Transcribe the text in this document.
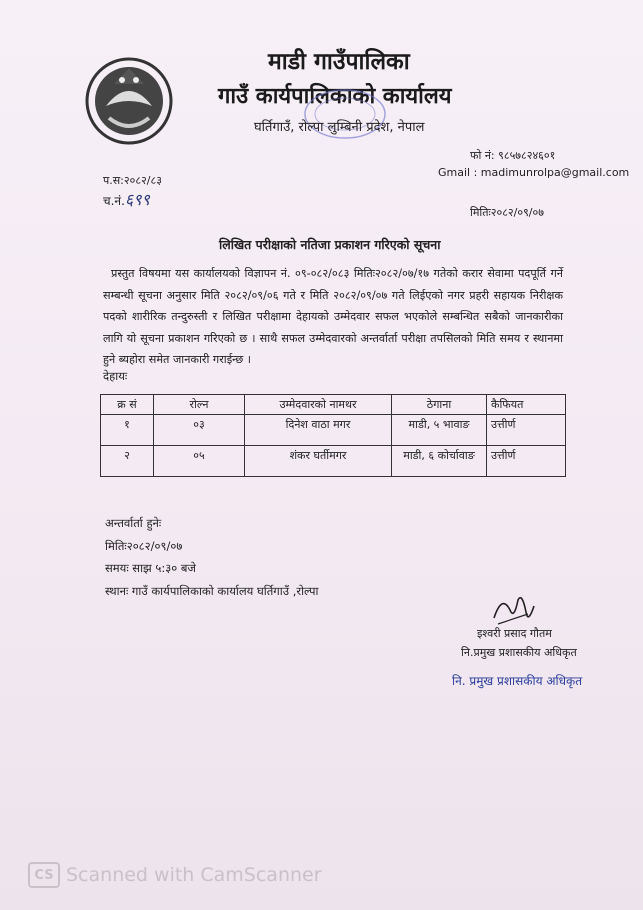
माडी गाउँपालिका
गाउँ कार्यपालिकाको कार्यालय
घर्तिगाउँ, रोल्पा लुम्बिनी प्रदेश, नेपाल
फो नं: ९८५७८२४६०१
Gmail : madimunrolpa@gmail.com
प.स:२०८२/८३
च.नं.६९९
मितिः२०८२/०९/०७
लिखित परीक्षाको नतिजा प्रकाशन गरिएको सूचना
प्रस्तुत विषयमा यस कार्यालयको विज्ञापन नं. ०९-०८२/०८३ मितिः२०८२/०७/१७ गतेको करार सेवामा पदपूर्ति गर्ने सम्बन्धी सूचना अनुसार मिति २०८२/०९/०६ गते र मिति २०८२/०९/०७ गते लिईएको नगर प्रहरी सहायक निरीक्षक पदको शारीरिक तन्दुरुस्ती र लिखित परीक्षामा देहायको उम्मेदवार सफल भएकोले सम्बन्धित सबैको जानकारीका लागि यो सूचना प्रकाशन गरिएको छ । साथै सफल उम्मेदवारको अन्तर्वार्ता परीक्षा तपसिलको मिति समय र स्थानमा हुने ब्यहोरा समेत जानकारी गराईन्छ ।
देहायः
क्र सं	रोल्न	उम्मेदवारको नामथर	ठेगाना	कैफियत
१	०३	दिनेश वाठा मगर	माडी, ५ भावाङ	उत्तीर्ण
२	०५	शंकर घर्तीमगर	माडी, ६ कोर्चावाङ	उत्तीर्ण
अन्तर्वार्ता हुनेः
मितिः२०८२/०९/०७
समयः साझ ५:३० बजे
स्थानः गाउँ कार्यपालिकाको कार्यालय घर्तिगाउँ ,रोल्पा
इश्वरी प्रसाद गौतम
नि.प्रमुख प्रशासकीय अधिकृत
नि. प्रमुख प्रशासकीय अधिकृत
CS Scanned with CamScanner
